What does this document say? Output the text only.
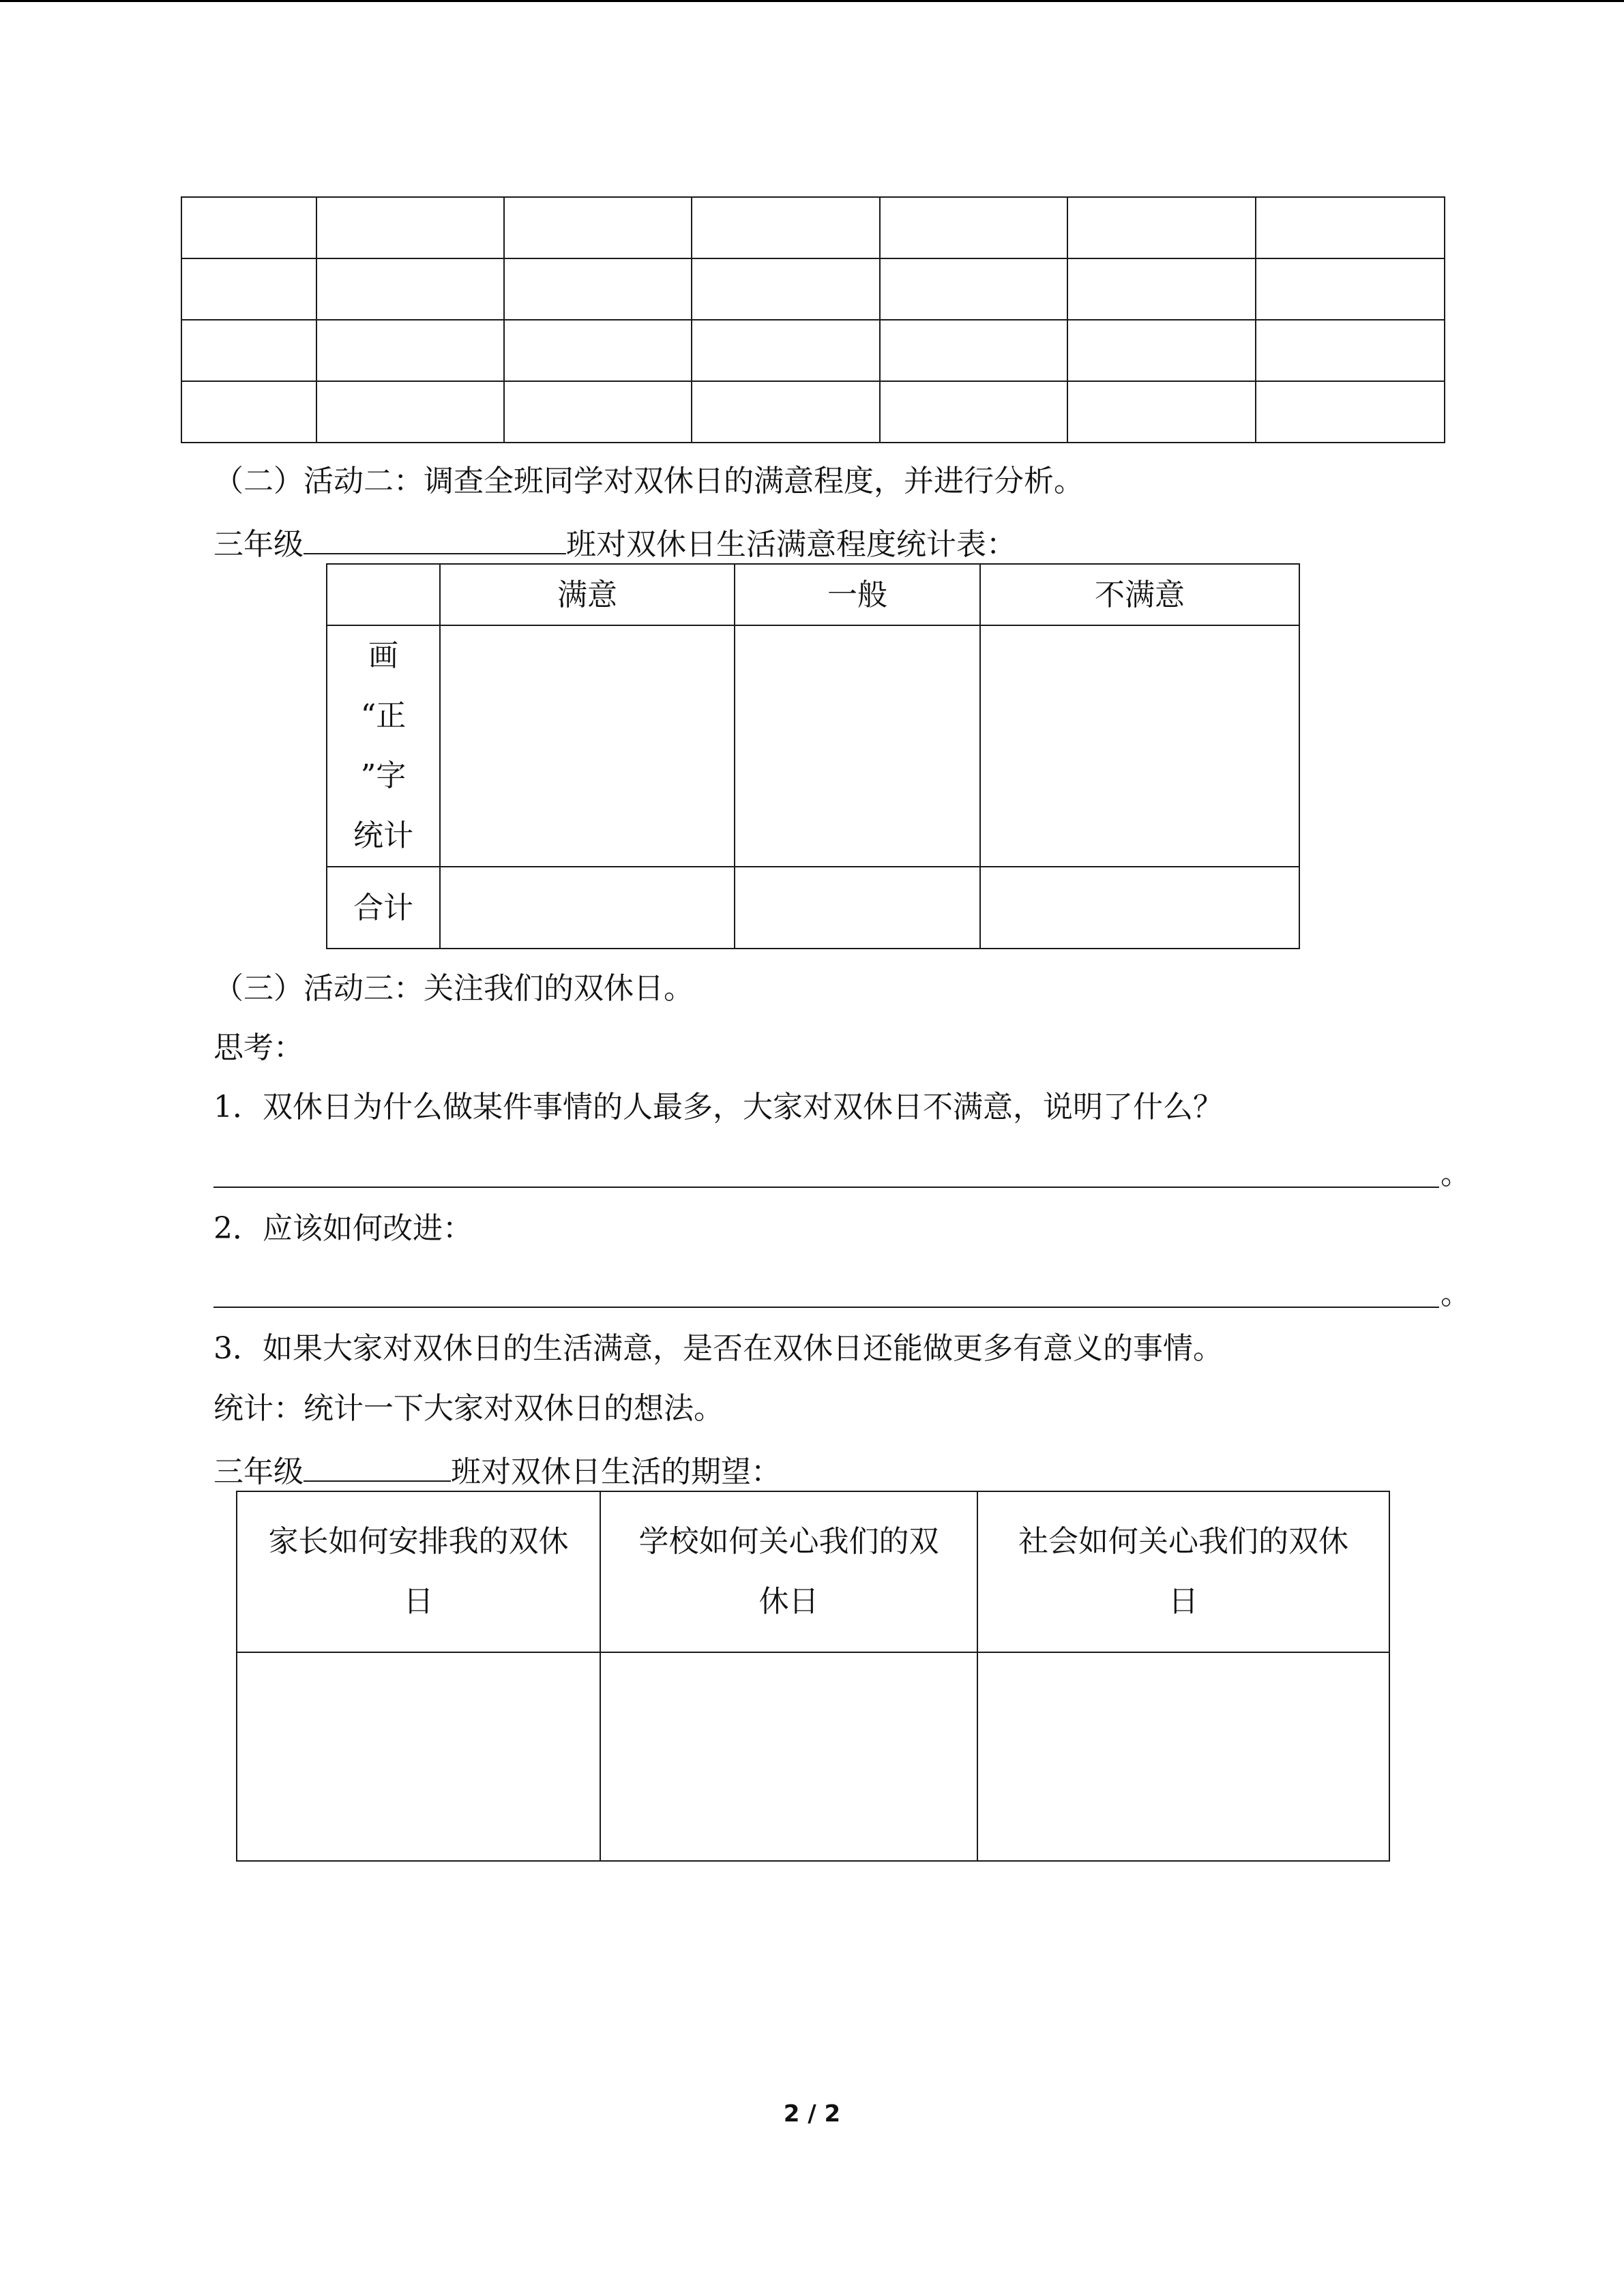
（二）活动二：调查全班同学对双休日的满意程度，并进行分析。
三年级	班对双休日生活满意程度统计表：
	满意	一般	不满意

画
“正
”字
统计			

合计			
（三）活动三：关注我们的双休日。
思考：
1．双休日为什么做某件事情的人最多，大家对双休日不满意，说明了什么？
。
2．应该如何改进：
。
3．如果大家对双休日的生活满意，是否在双休日还能做更多有意义的事情。
统计：统计一下大家对双休日的想法。
三年级	班对双休日生活的期望：
家长如何安排我的双休
日	学校如何关心我们的双
休日	社会如何关心我们的双休
日

2 / 2
